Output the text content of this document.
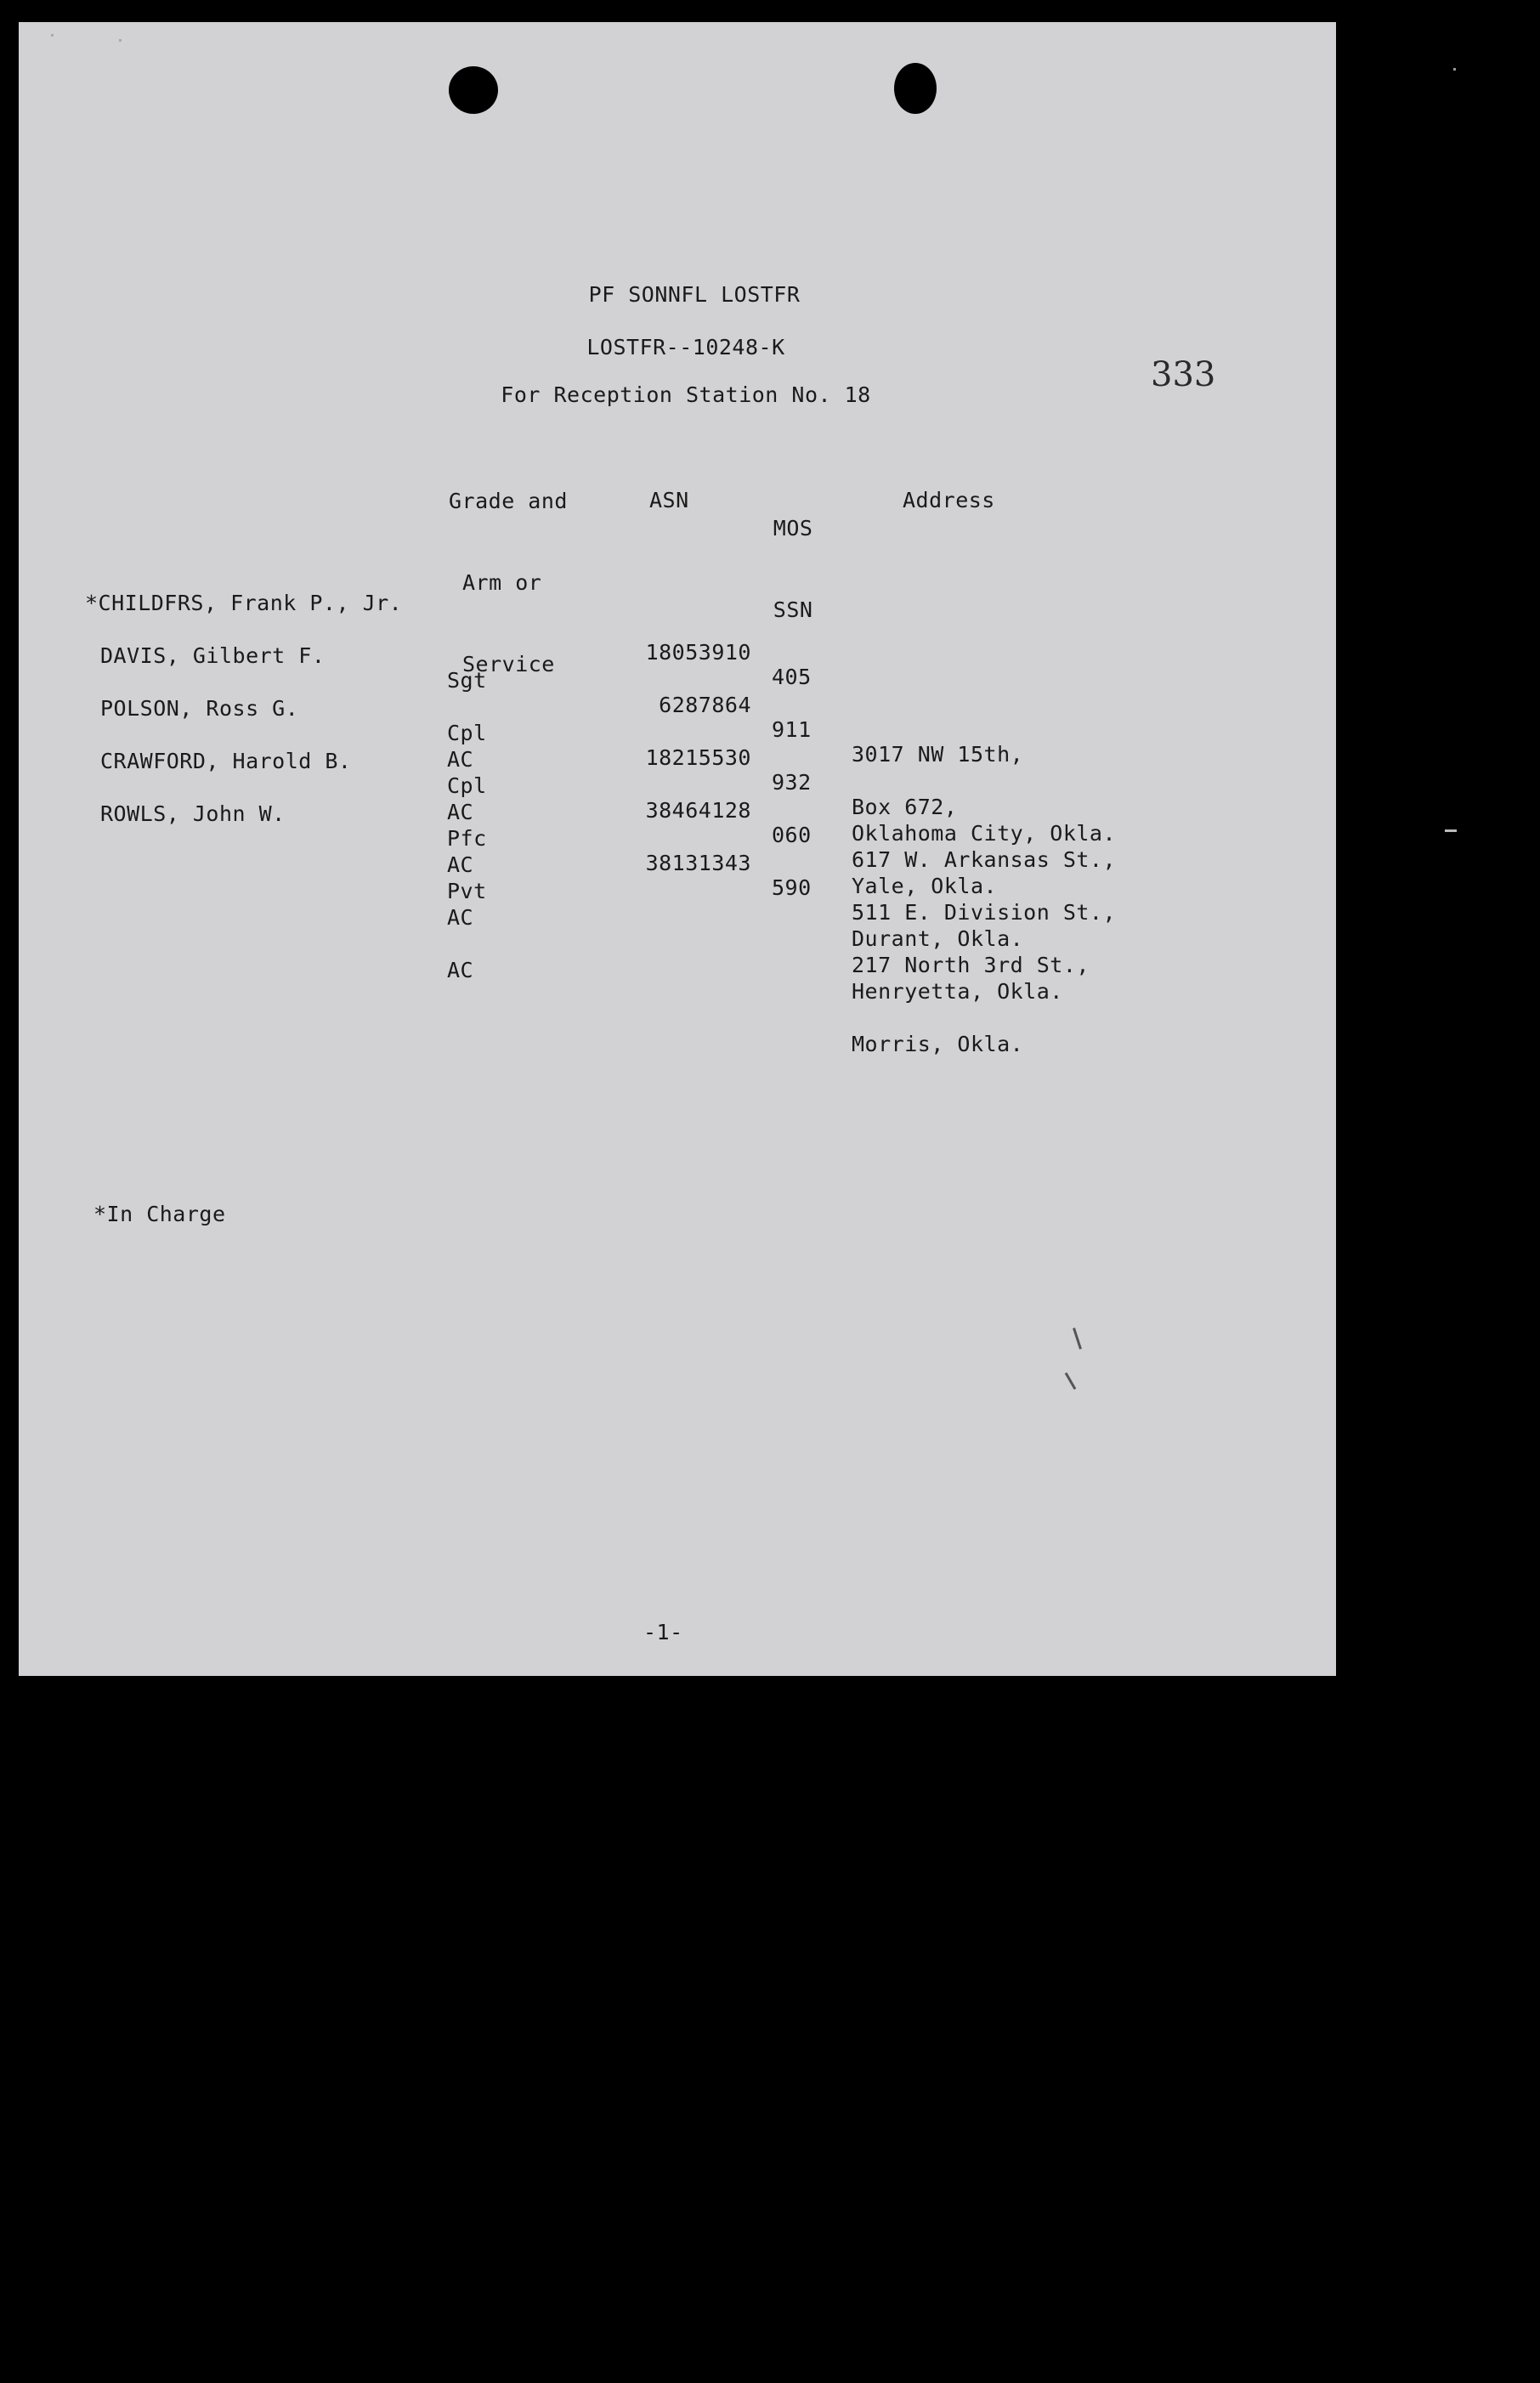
PF SONNFL LOSTFR
LOSTFR--10248-K
For Reception Station No. 18
333

Grade and

Arm or

Service

ASN

MOS

SSN

Address

*CHILDFRS, Frank P., Jr.

Sgt

AC

18053910

405

3017 NW 15th,

Oklahoma City, Okla.

DAVIS, Gilbert F.

Cpl

AC

6287864

911

Box 672,

Yale, Okla.

POLSON, Ross G.

Cpl

AC

18215530

932

617 W. Arkansas St.,

Durant, Okla.

CRAWFORD, Harold B.

Pfc

AC

38464128

060

511 E. Division St.,

Henryetta, Okla.

ROWLS, John W.

Pvt

AC

38131343

590

217 North 3rd St.,

Morris, Okla.

*In Charge
-1-
